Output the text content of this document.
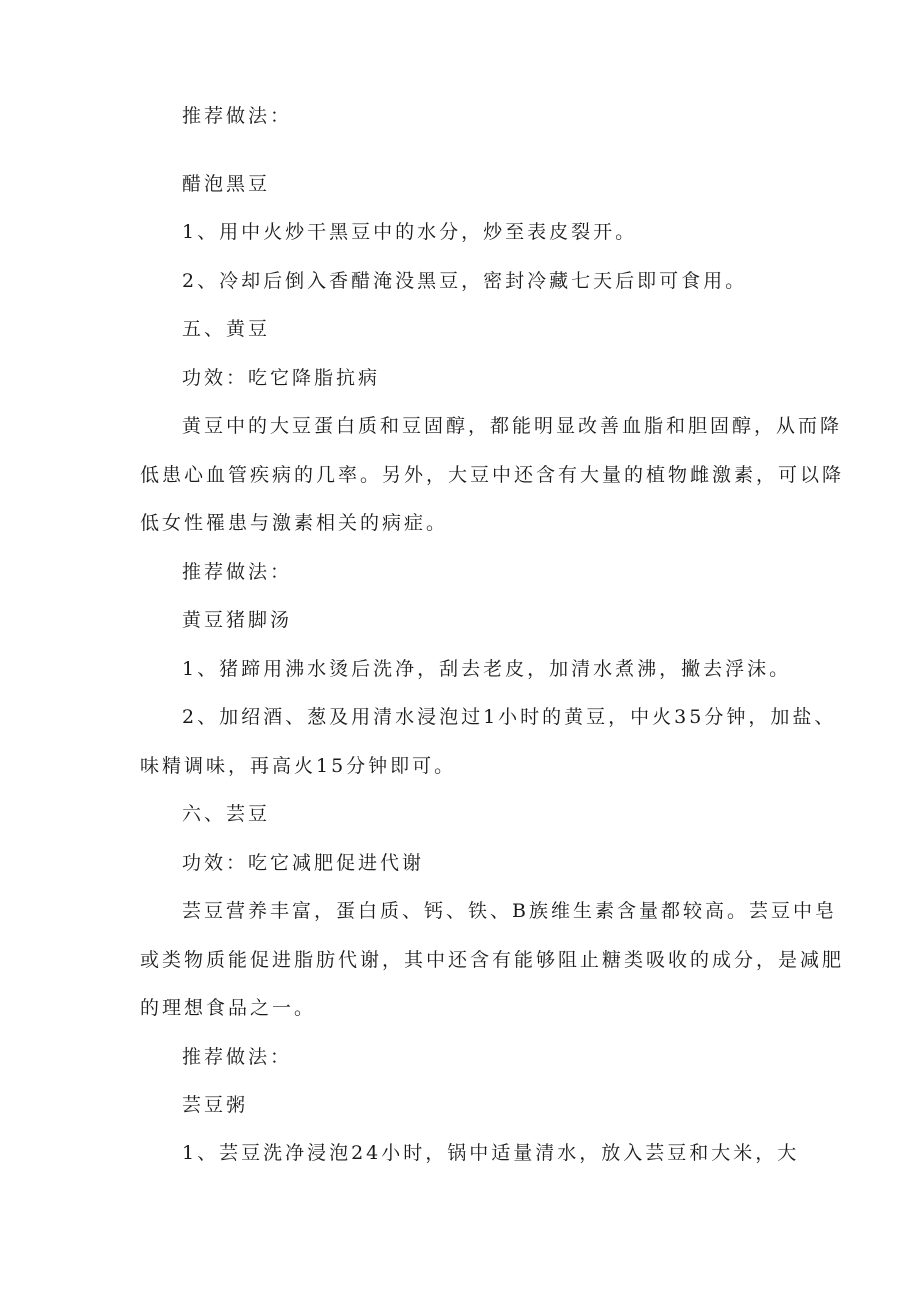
推荐做法：
醋泡黑豆
1、用中火炒干黑豆中的水分，炒至表皮裂开。
2、冷却后倒入香醋淹没黑豆，密封冷藏七天后即可食用。
五、黄豆
功效：吃它降脂抗病
黄豆中的大豆蛋白质和豆固醇，都能明显改善血脂和胆固醇，从而降
低患心血管疾病的几率。另外，大豆中还含有大量的植物雌激素，可以降
低女性罹患与激素相关的病症。
推荐做法：
黄豆猪脚汤
1、猪蹄用沸水烫后洗净，刮去老皮，加清水煮沸，撇去浮沫。
2、加绍酒、葱及用清水浸泡过1小时的黄豆，中火35分钟，加盐、
味精调味，再高火15分钟即可。
六、芸豆
功效：吃它减肥促进代谢
芸豆营养丰富，蛋白质、钙、铁、B族维生素含量都较高。芸豆中皂
或类物质能促进脂肪代谢，其中还含有能够阻止糖类吸收的成分，是减肥
的理想食品之一。
推荐做法：
芸豆粥
1、芸豆洗净浸泡24小时，锅中适量清水，放入芸豆和大米，大
